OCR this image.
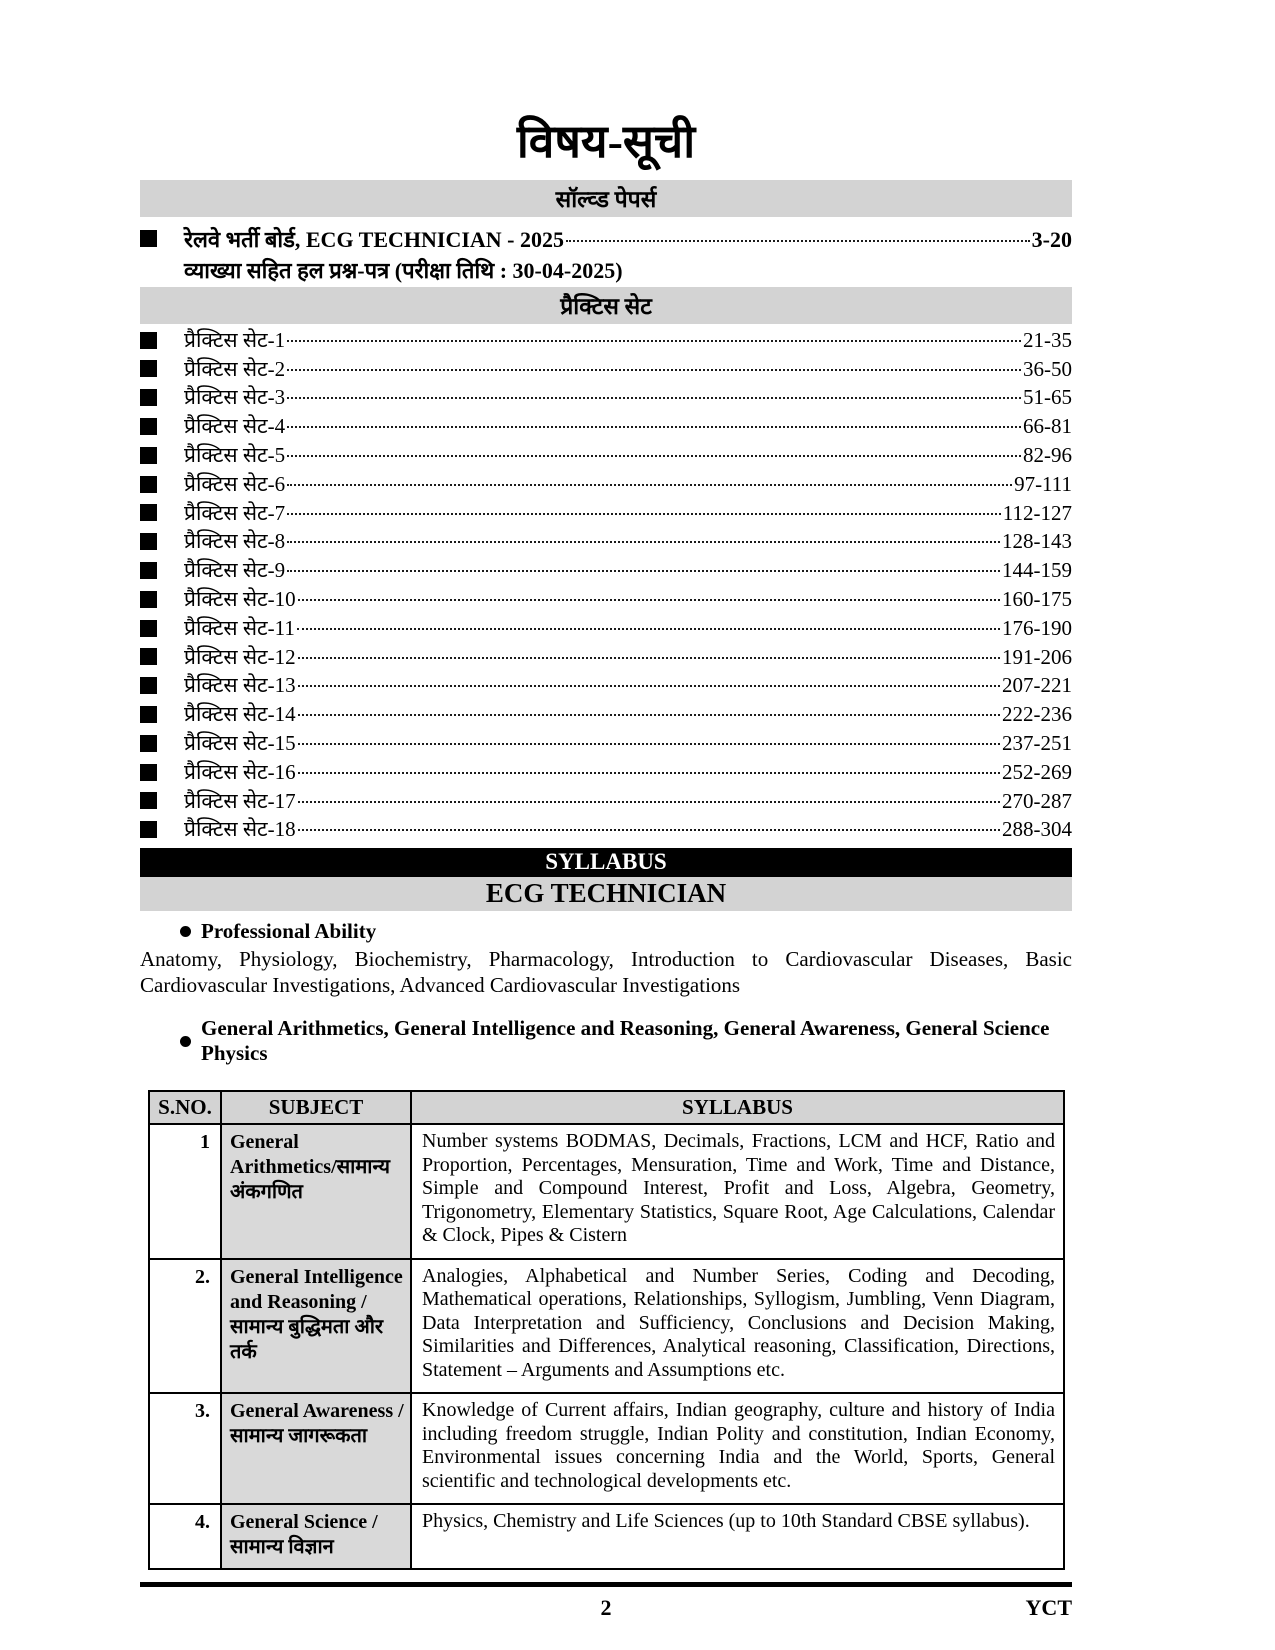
विषय-सूची
सॉल्व्ड पेपर्स
रेलवे भर्ती बोर्ड, ECG TECHNICIAN - 2025	3-20
व्याख्या सहित हल प्रश्न-पत्र (परीक्षा तिथि : 30-04-2025)
प्रैक्टिस सेट
प्रैक्टिस सेट-1	21-35
प्रैक्टिस सेट-2	36-50
प्रैक्टिस सेट-3	51-65
प्रैक्टिस सेट-4	66-81
प्रैक्टिस सेट-5	82-96
प्रैक्टिस सेट-6	97-111
प्रैक्टिस सेट-7	112-127
प्रैक्टिस सेट-8	128-143
प्रैक्टिस सेट-9	144-159
प्रैक्टिस सेट-10	160-175
प्रैक्टिस सेट-11	176-190
प्रैक्टिस सेट-12	191-206
प्रैक्टिस सेट-13	207-221
प्रैक्टिस सेट-14	222-236
प्रैक्टिस सेट-15	237-251
प्रैक्टिस सेट-16	252-269
प्रैक्टिस सेट-17	270-287
प्रैक्टिस सेट-18	288-304
SYLLABUS
ECG TECHNICIAN
Professional Ability
Anatomy, Physiology, Biochemistry, Pharmacology, Introduction to Cardiovascular Diseases, Basic Cardiovascular Investigations, Advanced Cardiovascular Investigations
General Arithmetics, General Intelligence and Reasoning, General Awareness, General Science Physics
S.NO.	SUBJECT	SYLLABUS
1	General Arithmetics/सामान्य अंकगणित	Number systems BODMAS, Decimals, Fractions, LCM and HCF, Ratio and Proportion, Percentages, Mensuration, Time and Work, Time and Distance, Simple and Compound Interest, Profit and Loss, Algebra, Geometry, Trigonometry, Elementary Statistics, Square Root, Age Calculations, Calendar & Clock, Pipes & Cistern
2.	General Intelligence and Reasoning /सामान्य बुद्धिमता और तर्क	Analogies, Alphabetical and Number Series, Coding and Decoding, Mathematical operations, Relationships, Syllogism, Jumbling, Venn Diagram, Data Interpretation and Sufficiency, Conclusions and Decision Making, Similarities and Differences, Analytical reasoning, Classification, Directions, Statement – Arguments and Assumptions etc.
3.	General Awareness /सामान्य जागरूकता	Knowledge of Current affairs, Indian geography, culture and history of India including freedom struggle, Indian Polity and constitution, Indian Economy, Environmental issues concerning India and the World, Sports, General scientific and technological developments etc.
4.	General Science /सामान्य विज्ञान	Physics, Chemistry and Life Sciences (up to 10th Standard CBSE syllabus).
2	YCT
